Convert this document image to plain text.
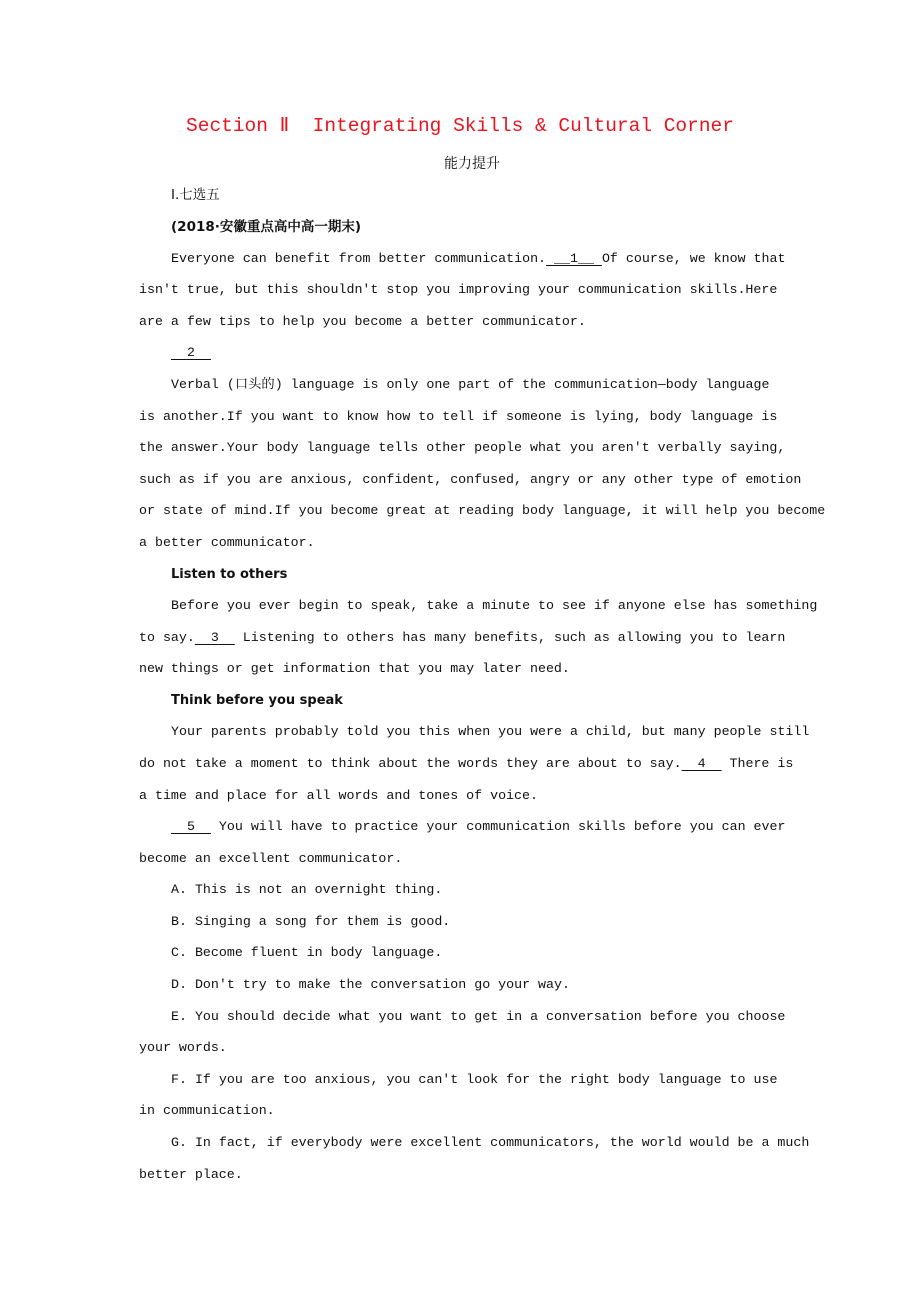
Section Ⅱ  Integrating Skills & Cultural Corner
能力提升
Ⅰ.七选五
(2018·安徽重点高中高一期末)
Everyone can benefit from better communication. __1__ Of course, we know that
isn't true, but this shouldn't stop you improving your communication skills.Here
are a few tips to help you become a better communicator.
2
Verbal (口头的) language is only one part of the communication—body language
is another.If you want to know how to tell if someone is lying, body language is
the answer.Your body language tells other people what you aren't verbally saying,
such as if you are anxious, confident, confused, angry or any other type of emotion
or state of mind.If you become great at reading body language, it will help you become
a better communicator.
Listen to others
Before you ever begin to speak, take a minute to see if anyone else has something
to say. 3 Listening to others has many benefits, such as allowing you to learn
new things or get information that you may later need.
Think before you speak
Your parents probably told you this when you were a child, but many people still
do not take a moment to think about the words they are about to say. 4 There is
a time and place for all words and tones of voice.
5 You will have to practice your communication skills before you can ever
become an excellent communicator.
A. This is not an overnight thing.
B. Singing a song for them is good.
C. Become fluent in body language.
D. Don't try to make the conversation go your way.
E. You should decide what you want to get in a conversation before you choose
your words.
F. If you are too anxious, you can't look for the right body language to use
in communication.
G. In fact, if everybody were excellent communicators, the world would be a much
better place.
